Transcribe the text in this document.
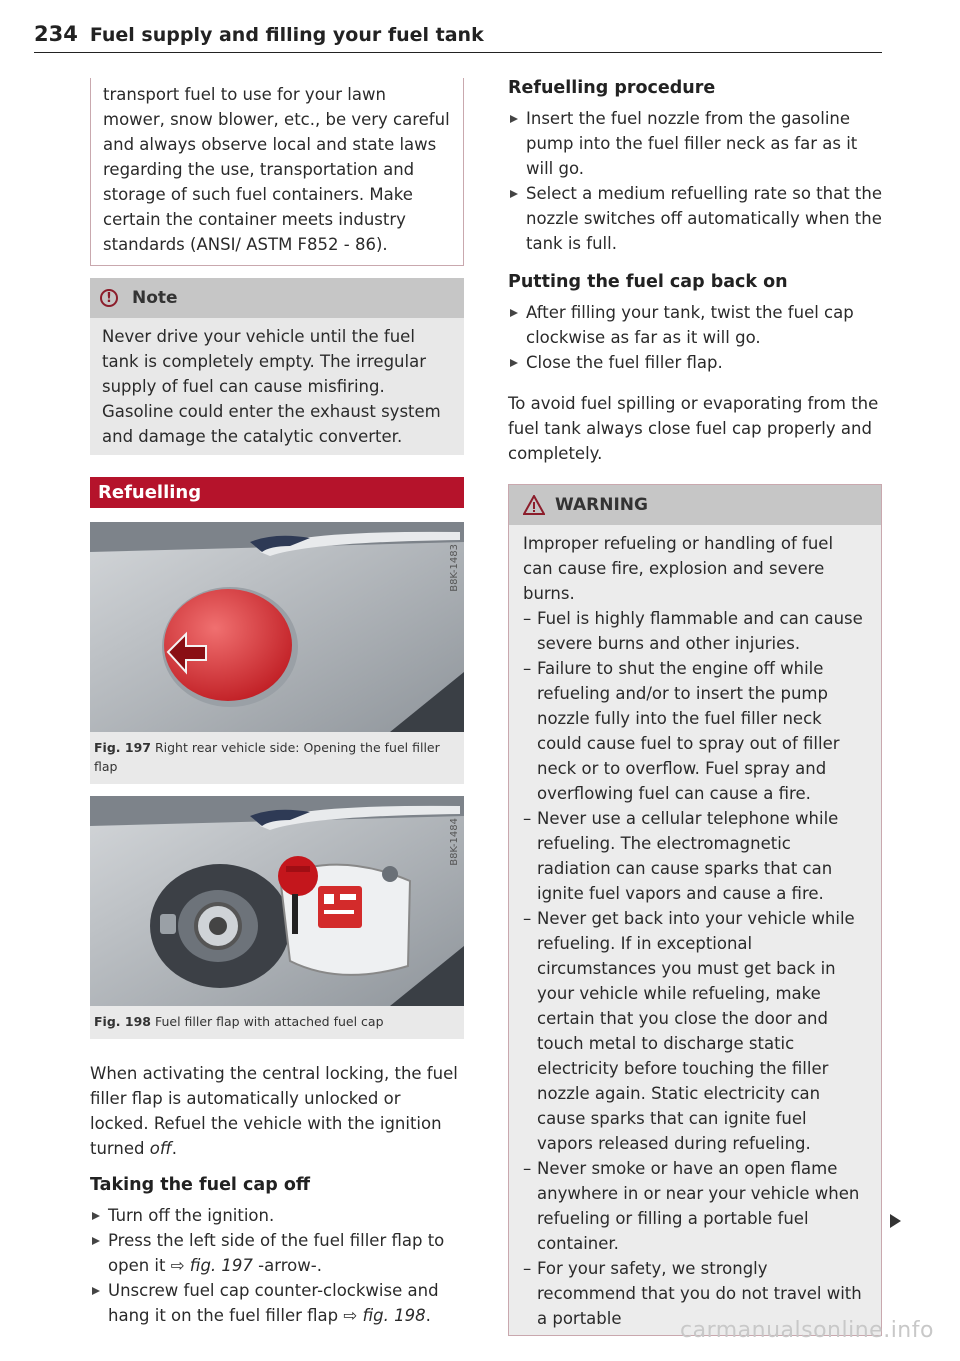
234 Fuel supply and filling your fuel tank
transport fuel to use for your lawn mower, snow blower, etc., be very careful and always observe local and state laws regarding the use, transportation and storage of such fuel containers. Make certain the container meets industry standards (ANSI/ ASTM F852 - 86).
!	Note
Never drive your vehicle until the fuel tank is completely empty. The irregular supply of fuel can cause misfiring. Gasoline could enter the exhaust system and damage the catalytic converter.
Refuelling
B8K-1483
Fig. 197 Right rear vehicle side: Opening the fuel filler flap
B8K-1484
Fig. 198 Fuel filler flap with attached fuel cap

When activating the central locking, the fuel filler flap is automatically unlocked or locked. Refuel the vehicle with the ignition turned off.

Taking the fuel cap off
Turn off the ignition.
Press the left side of the fuel filler flap to open it ⇨ fig. 197 -arrow-.
Unscrew fuel cap counter-clockwise and hang it on the fuel filler flap ⇨ fig. 198.
Refuelling procedure
Insert the fuel nozzle from the gasoline pump into the fuel filler neck as far as it will go.
Select a medium refuelling rate so that the nozzle switches off automatically when the tank is full.
Putting the fuel cap back on
After filling your tank, twist the fuel cap clockwise as far as it will go.
Close the fuel filler flap.

To avoid fuel spilling or evaporating from the fuel tank always close fuel cap properly and completely.

WARNING

Improper refueling or handling of fuel can cause fire, explosion and severe burns.

– Fuel is highly flammable and can cause severe burns and other injuries.
– Failure to shut the engine off while refueling and/or to insert the pump nozzle fully into the fuel filler neck could cause fuel to spray out of filler neck or to overflow. Fuel spray and overflowing fuel can cause a fire.
– Never use a cellular telephone while refueling. The electromagnetic radiation can cause sparks that can ignite fuel vapors and cause a fire.
– Never get back into your vehicle while refueling. If in exceptional circumstances you must get back in your vehicle while refueling, make certain that you close the door and touch metal to discharge static electricity before touching the filler nozzle again. Static electricity can cause sparks that can ignite fuel vapors released during refueling.
– Never smoke or have an open flame anywhere in or near your vehicle when refueling or filling a portable fuel container.
– For your safety, we strongly recommend that you do not travel with a portable	carmanualsonline.info
